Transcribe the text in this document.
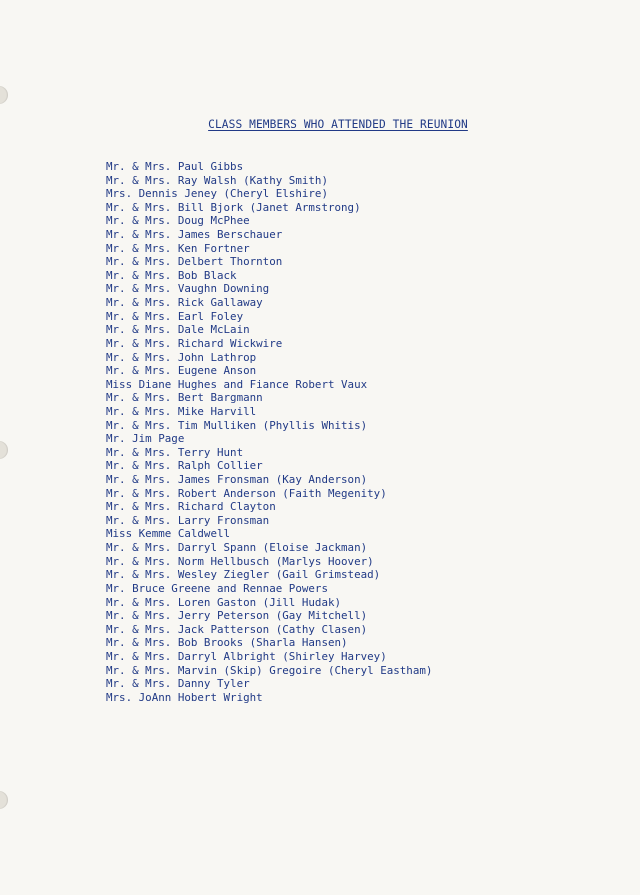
CLASS MEMBERS WHO ATTENDED THE REUNION
Mr. & Mrs. Paul Gibbs
Mr. & Mrs. Ray Walsh (Kathy Smith)
Mrs. Dennis Jeney (Cheryl Elshire)
Mr. & Mrs. Bill Bjork (Janet Armstrong)
Mr. & Mrs. Doug McPhee
Mr. & Mrs. James Berschauer
Mr. & Mrs. Ken Fortner
Mr. & Mrs. Delbert Thornton
Mr. & Mrs. Bob Black
Mr. & Mrs. Vaughn Downing
Mr. & Mrs. Rick Gallaway
Mr. & Mrs. Earl Foley
Mr. & Mrs. Dale McLain
Mr. & Mrs. Richard Wickwire
Mr. & Mrs. John Lathrop
Mr. & Mrs. Eugene Anson
Miss Diane Hughes and Fiance Robert Vaux
Mr. & Mrs. Bert Bargmann
Mr. & Mrs. Mike Harvill
Mr. & Mrs. Tim Mulliken (Phyllis Whitis)
Mr. Jim Page
Mr. & Mrs. Terry Hunt
Mr. & Mrs. Ralph Collier
Mr. & Mrs. James Fronsman (Kay Anderson)
Mr. & Mrs. Robert Anderson (Faith Megenity)
Mr. & Mrs. Richard Clayton
Mr. & Mrs. Larry Fronsman
Miss Kemme Caldwell
Mr. & Mrs. Darryl Spann (Eloise Jackman)
Mr. & Mrs. Norm Hellbusch (Marlys Hoover)
Mr. & Mrs. Wesley Ziegler (Gail Grimstead)
Mr. Bruce Greene and Rennae Powers
Mr. & Mrs. Loren Gaston (Jill Hudak)
Mr. & Mrs. Jerry Peterson (Gay Mitchell)
Mr. & Mrs. Jack Patterson (Cathy Clasen)
Mr. & Mrs. Bob Brooks (Sharla Hansen)
Mr. & Mrs. Darryl Albright (Shirley Harvey)
Mr. & Mrs. Marvin (Skip) Gregoire (Cheryl Eastham)
Mr. & Mrs. Danny Tyler
Mrs. JoAnn Hobert Wright
